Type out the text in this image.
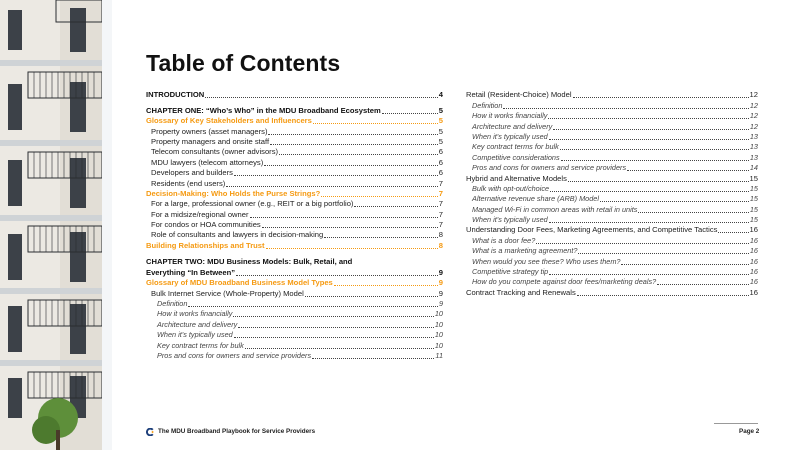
Table of Contents
INTRODUCTION	4
CHAPTER ONE: “Who’s Who” in the MDU Broadband Ecosystem	5
Glossary of Key Stakeholders and Influencers	5
Property owners (asset managers)	5
Property managers and onsite staff	5
Telecom consultants (owner advisors)	6
MDU lawyers (telecom attorneys)	6
Developers and builders	6
Residents (end users)	7
Decision-Making: Who Holds the Purse Strings?	7
For a large, professional owner (e.g., REIT or a big portfolio)	7
For a midsize/regional owner	7
For condos or HOA communities	7
Role of consultants and lawyers in decision-making	8
Building Relationships and Trust	8
CHAPTER TWO: MDU Business Models: Bulk, Retail, and
Everything “In Between”	9
Glossary of MDU Broadband Business Model Types	9
Bulk Internet Service (Whole-Property) Model	9
Definition	9
How it works financially	10
Architecture and delivery	10
When it’s typically used	10
Key contract terms for bulk	10
Pros and cons for owners and service providers	11
Retail (Resident-Choice) Model	12
Definition	12
How it works financially	12
Architecture and delivery	12
When it’s typically used	13
Key contract terms for bulk	13
Competitive considerations	13
Pros and cons for owners and service providers	14
Hybrid and Alternative Models	15
Bulk with opt-out/choice	15
Alternative revenue share (ARB) Model	15
Managed Wi-Fi in common areas with retail in units	15
When it’s typically used	15
Understanding Door Fees, Marketing Agreements, and Competitive Tactics	16
What is a door fee?	16
What is a marketing agreement?	16
When would you see these? Who uses them?	16
Competitive strategy tip	16
How do you compete against door fees/marketing deals?	16
Contract Tracking and Renewals	16
The MDU Broadband Playbook for Service Providers	Page 2
